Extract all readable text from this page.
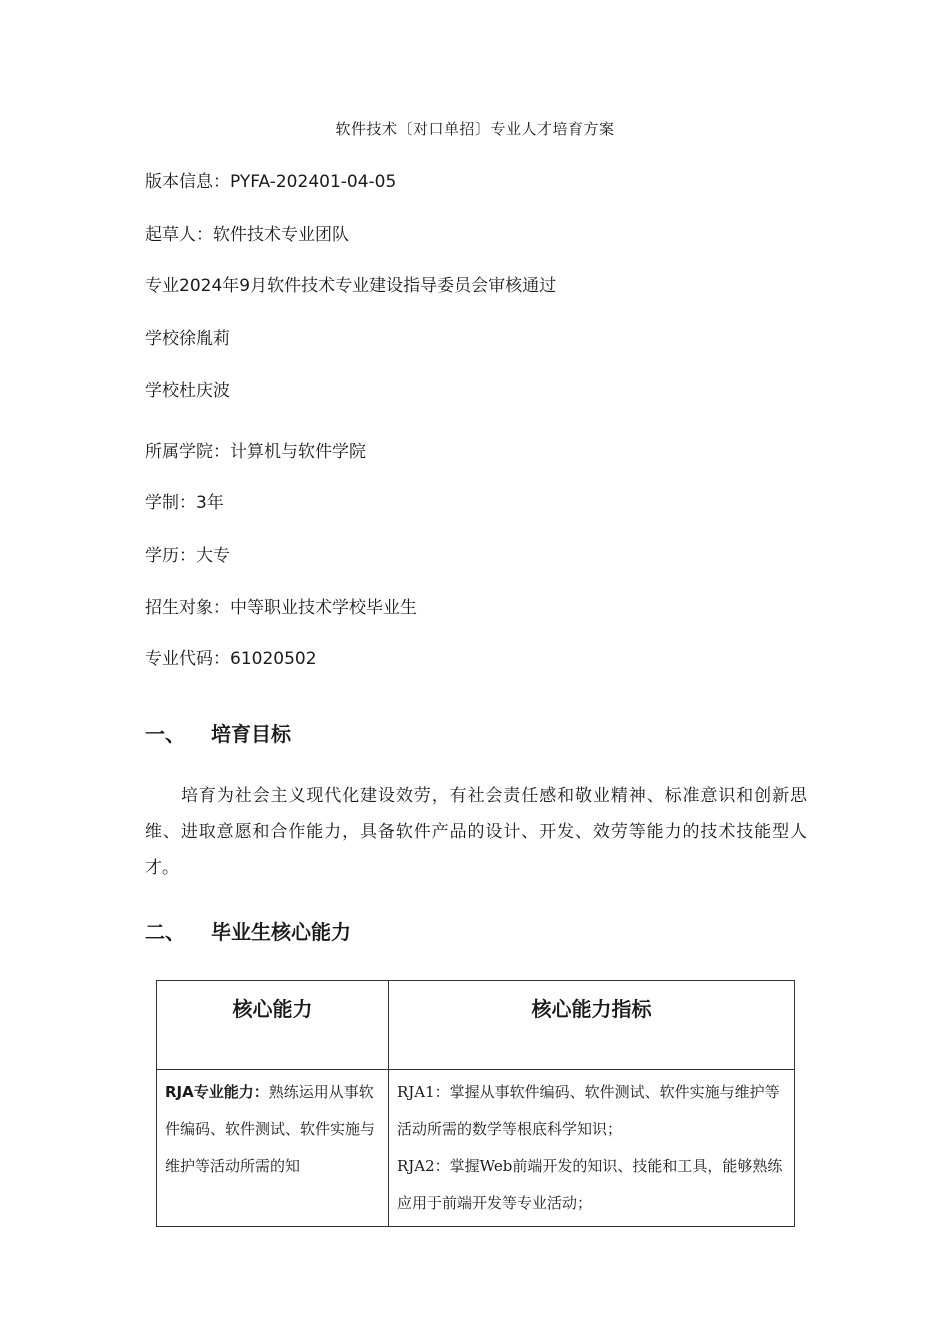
软件技术〔对口单招〕专业人才培育方案
版本信息：PYFA-202401-04-05
起草人：软件技术专业团队
专业2024年9月软件技术专业建设指导委员会审核通过
学校徐胤莉
学校杜庆波
所属学院：计算机与软件学院
学制：3年
学历：大专
招生对象：中等职业技术学校毕业生
专业代码：61020502
一、 培育目标
培育为社会主义现代化建设效劳，有社会责任感和敬业精神、标准意识和创新思维、进取意愿和合作能力，具备软件产品的设计、开发、效劳等能力的技术技能型人才。
二、 毕业生核心能力
核心能力	核心能力指标
RJA专业能力：熟练运用从事软件编码、软件测试、软件实施与维护等活动所需的知	RJA1：掌握从事软件编码、软件测试、软件实施与维护等活动所需的数学等根底科学知识；
RJA2：掌握Web前端开发的知识、技能和工具，能够熟练应用于前端开发等专业活动；
